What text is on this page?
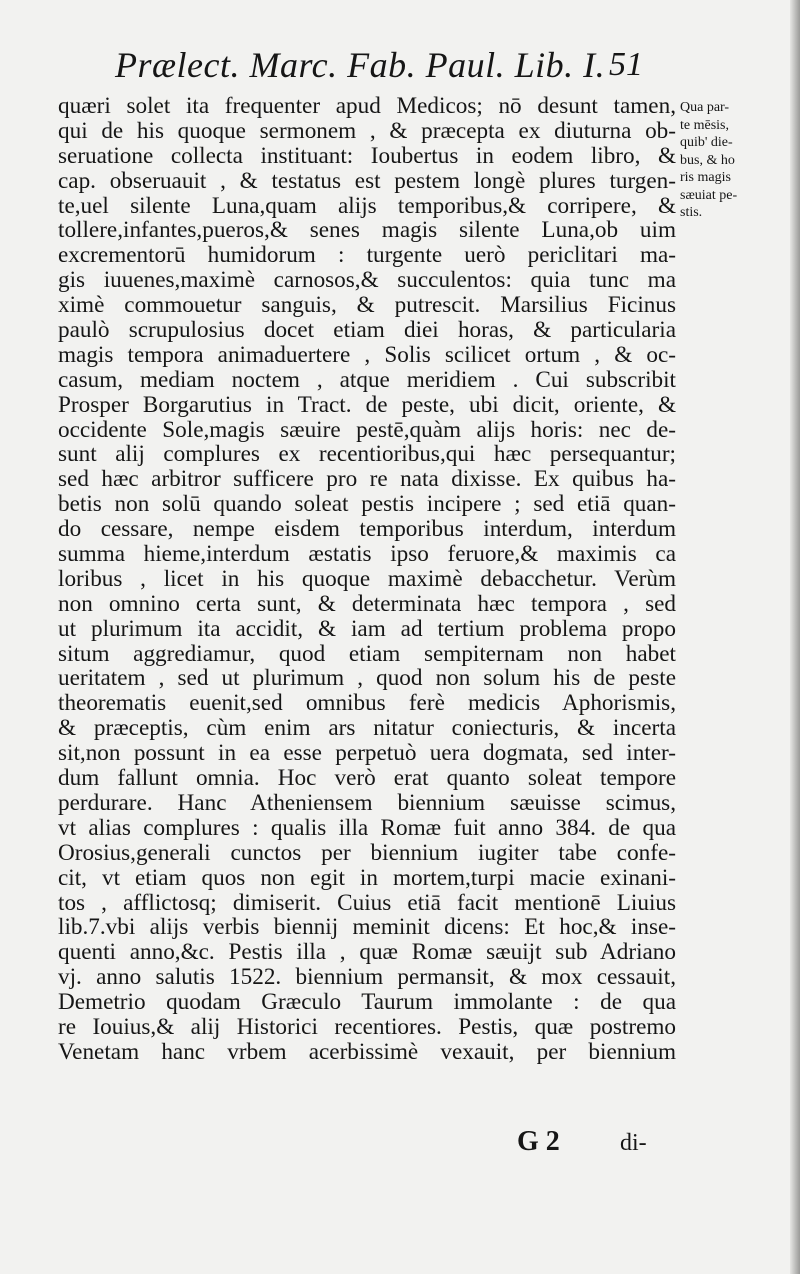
Prælect. Marc. Fab. Paul. Lib. I. 51
quæri solet ita frequenter apud Medicos; nō desunt tamen,
qui de his quoque sermonem , & præcepta ex diuturna ob-
seruatione collecta instituant: Ioubertus in eodem libro, &
cap. obseruauit , & testatus est pestem longè plures turgen-
te,uel silente Luna,quam alijs temporibus,& corripere, &
tollere,infantes,pueros,& senes magis silente Luna,ob uim
excrementorū humidorum : turgente uerò periclitari ma-
gis iuuenes,maximè carnosos,& succulentos: quia tunc ma
ximè commouetur sanguis, & putrescit. Marsilius Ficinus
paulò scrupulosius docet etiam diei horas, & particularia
magis tempora animaduertere , Solis scilicet ortum , & oc-
casum, mediam noctem , atque meridiem . Cui subscribit
Prosper Borgarutius in Tract. de peste, ubi dicit, oriente, &
occidente Sole,magis sæuire pestē,quàm alijs horis: nec de-
sunt alij complures ex recentioribus,qui hæc persequantur;
sed hæc arbitror sufficere pro re nata dixisse. Ex quibus ha-
betis non solū quando soleat pestis incipere ; sed etiā quan-
do cessare, nempe eisdem temporibus interdum, interdum
summa hieme,interdum æstatis ipso feruore,& maximis ca
loribus , licet in his quoque maximè debacchetur. Verùm
non omnino certa sunt, & determinata hæc tempora , sed
ut plurimum ita accidit, & iam ad tertium problema propo
situm aggrediamur, quod etiam sempiternam non habet
ueritatem , sed ut plurimum , quod non solum his de peste
theorematis euenit,sed omnibus ferè medicis Aphorismis,
& præceptis, cùm enim ars nitatur coniecturis, & incerta
sit,non possunt in ea esse perpetuò uera dogmata, sed inter-
dum fallunt omnia. Hoc verò erat quanto soleat tempore
perdurare. Hanc Atheniensem biennium sæuisse scimus,
vt alias complures : qualis illa Romæ fuit anno 384. de qua
Orosius,generali cunctos per biennium iugiter tabe confe-
cit, vt etiam quos non egit in mortem,turpi macie exinani-
tos , afflictosq; dimiserit. Cuius etiā facit mentionē Liuius
lib.7.vbi alijs verbis biennij meminit dicens: Et hoc,& inse-
quenti anno,&c. Pestis illa , quæ Romæ sæuijt sub Adriano
vj. anno salutis 1522. biennium permansit, & mox cessauit,
Demetrio quodam Græculo Taurum immolante : de qua
re Iouius,& alij Historici recentiores. Pestis, quæ postremo
Venetam hanc vrbem acerbissimè vexauit, per biennium
Qua par-
te mēsis,
quib' die-
bus, & ho
ris magis
sæuiat pe-
stis.
G 2	di-
